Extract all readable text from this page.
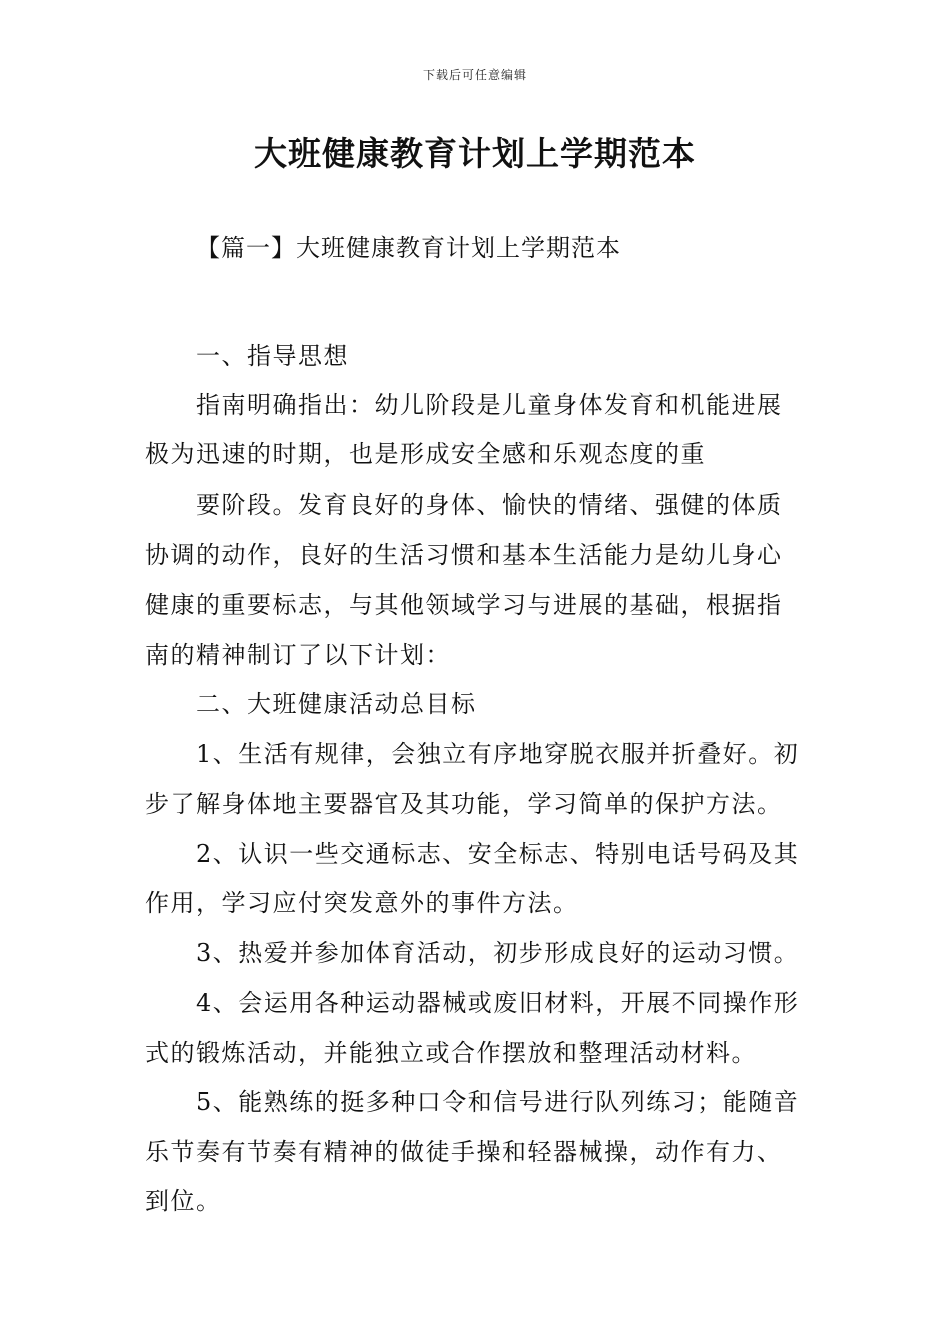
下载后可任意编辑
大班健康教育计划上学期范本
【篇一】大班健康教育计划上学期范本

一、指导思想

指南明确指出：幼儿阶段是儿童身体发育和机能进展

极为迅速的时期，也是形成安全感和乐观态度的重

要阶段。发育良好的身体、愉快的情绪、强健的体质

协调的动作，良好的生活习惯和基本生活能力是幼儿身心

健康的重要标志，与其他领域学习与进展的基础，根据指

南的精神制订了以下计划：

二、大班健康活动总目标

1、生活有规律，会独立有序地穿脱衣服并折叠好。初

步了解身体地主要器官及其功能，学习简单的保护方法。

2、认识一些交通标志、安全标志、特别电话号码及其

作用，学习应付突发意外的事件方法。

3、热爱并参加体育活动，初步形成良好的运动习惯。

4、会运用各种运动器械或废旧材料，开展不同操作形

式的锻炼活动，并能独立或合作摆放和整理活动材料。

5、能熟练的挺多种口令和信号进行队列练习；能随音

乐节奏有节奏有精神的做徒手操和轻器械操，动作有力、

到位。
